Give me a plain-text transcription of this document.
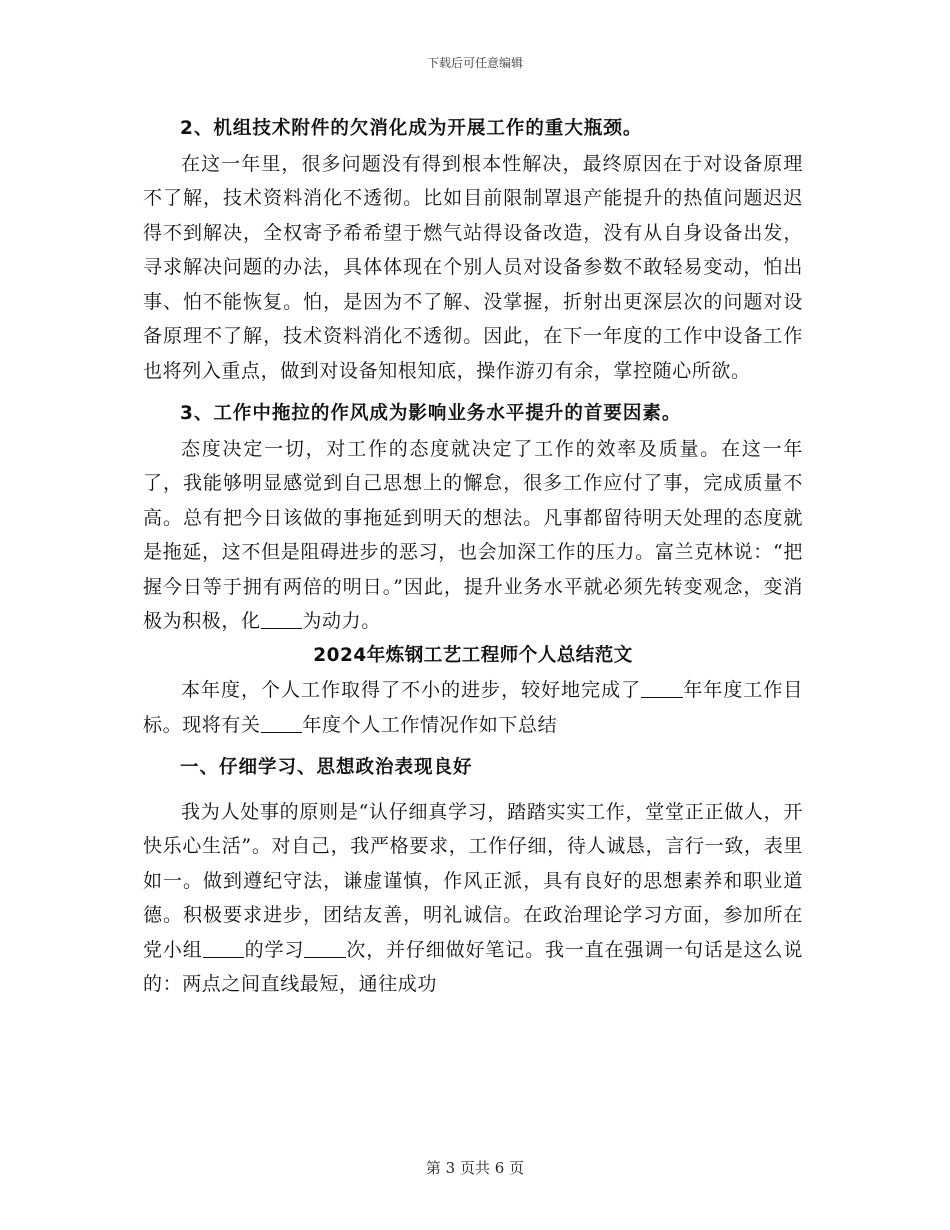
下载后可任意编辑

2、机组技术附件的欠消化成为开展工作的重大瓶颈。

在这一年里，很多问题没有得到根本性解决，最终原因在于对设备原理不了解，技术资料消化不透彻。比如目前限制罩退产能提升的热值问题迟迟得不到解决，全权寄予希希望于燃气站得设备改造，没有从自身设备出发，寻求解决问题的办法，具体体现在个别人员对设备参数不敢轻易变动，怕出事、怕不能恢复。怕，是因为不了解、没掌握，折射出更深层次的问题对设备原理不了解，技术资料消化不透彻。因此，在下一年度的工作中设备工作也将列入重点，做到对设备知根知底，操作游刃有余，掌控随心所欲。

3、工作中拖拉的作风成为影响业务水平提升的首要因素。

态度决定一切，对工作的态度就决定了工作的效率及质量。在这一年了，我能够明显感觉到自己思想上的懈怠，很多工作应付了事，完成质量不高。总有把今日该做的事拖延到明天的想法。凡事都留待明天处理的态度就是拖延，这不但是阻碍进步的恶习，也会加深工作的压力。富兰克林说：“把握今日等于拥有两倍的明日。”因此，提升业务水平就必须先转变观念，变消极为积极，化 为动力。

2024年炼钢工艺工程师个人总结范文

本年度，个人工作取得了不小的进步，较好地完成了 年年度工作目标。现将有关 年度个人工作情况作如下总结

一、仔细学习、思想政治表现良好

我为人处事的原则是“认仔细真学习，踏踏实实工作，堂堂正正做人，开快乐心生活”。对自己，我严格要求，工作仔细，待人诚恳，言行一致，表里如一。做到遵纪守法，谦虚谨慎，作风正派，具有良好的思想素养和职业道德。积极要求进步，团结友善，明礼诚信。在政治理论学习方面，参加所在党小组 的学习 次，并仔细做好笔记。我一直在强调一句话是这么说的：两点之间直线最短，通往成功

第 3 页共 6 页
